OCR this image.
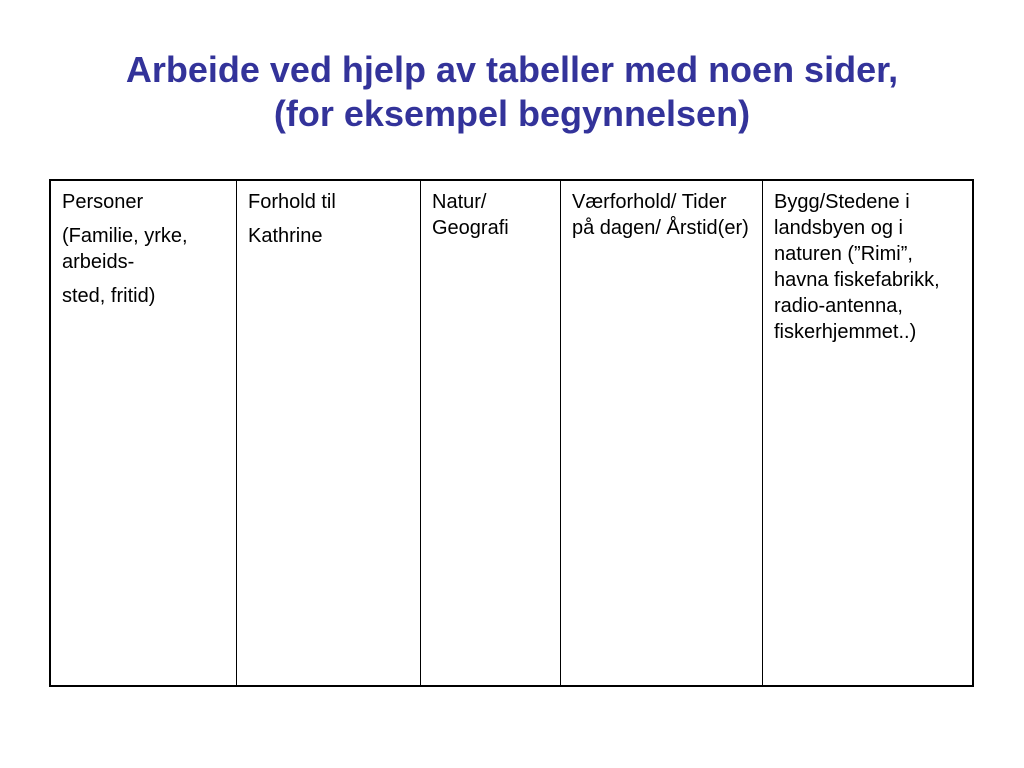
Arbeide ved hjelp av tabeller med noen sider,
(for eksempel begynnelsen)
Personer
(Familie, yrke, arbeids-
sted, fritid)
Forhold til
Kathrine
Natur/ Geografi
Værforhold/ Tider på dagen/ Årstid(er)
Bygg/Stedene i landsbyen og i naturen (”Rimi”, havna fiskefabrikk, radio-antenna, fiskerhjemmet..)
